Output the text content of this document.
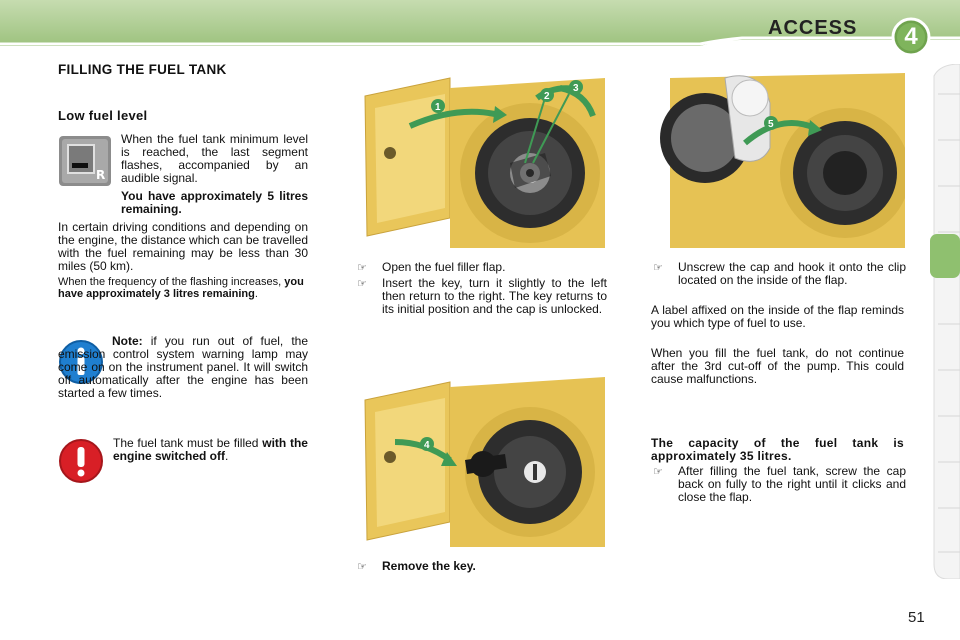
ACCESS	4
FILLING THE FUEL TANK
Low fuel level
R
When the fuel tank minimum level is reached, the last segment flashes, accompanied by an audible signal.
You have approximately 5 litres remaining.
In certain driving conditions and depending on the engine, the distance which can be travelled with the fuel remaining may be less than 30 miles (50 km).
When the frequency of the flashing increases, you have approximately 3 litres remaining.
Note: if you run out of fuel, the emission control system warning lamp may come on on the instrument panel. It will switch off automatically after the engine has been started a few times.
The fuel tank must be filled with the engine switched off.
1
2
3
☞ Open the fuel filler flap.
☞ Insert the key, turn it slightly to the left then return to the right. The key returns to its initial position and the cap is unlocked.
4
☞ Remove the key.
5
☞ Unscrew the cap and hook it onto the clip located on the inside of the flap.
A label affixed on the inside of the flap reminds you which type of fuel to use.
When you fill the fuel tank, do not continue after the 3rd cut-off of the pump. This could cause malfunctions.
The capacity of the fuel tank is approximately 35 litres.
☞ After filling the fuel tank, screw the cap back on fully to the right until it clicks and close the flap.
51
